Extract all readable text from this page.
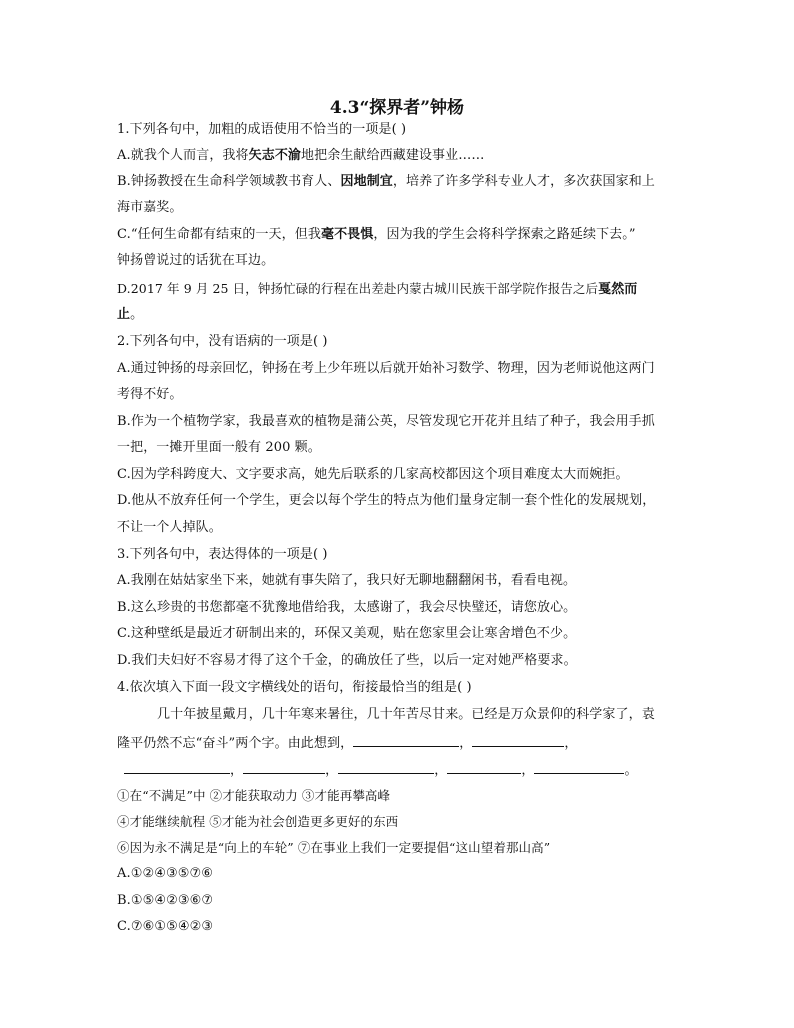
4.3“探界者”钟杨
1.下列各句中，加粗的成语使用不恰当的一项是( )
A.就我个人而言，我将矢志不渝地把余生献给西藏建设事业……
B.钟扬教授在生命科学领域教书育人、因地制宜，培养了许多学科专业人才，多次获国家和上
海市嘉奖。
C.“任何生命都有结束的一天，但我毫不畏惧，因为我的学生会将科学探索之路延续下去。”
钟扬曾说过的话犹在耳边。
D.2017 年 9 月 25 日，钟扬忙碌的行程在出差赴内蒙古城川民族干部学院作报告之后戛然而
止。
2.下列各句中，没有语病的一项是( )
A.通过钟扬的母亲回忆，钟扬在考上少年班以后就开始补习数学、物理，因为老师说他这两门
考得不好。
B.作为一个植物学家，我最喜欢的植物是蒲公英，尽管发现它开花并且结了种子，我会用手抓
一把，一摊开里面一般有 200 颗。
C.因为学科跨度大、文字要求高，她先后联系的几家高校都因这个项目难度太大而婉拒。
D.他从不放弃任何一个学生，更会以每个学生的特点为他们量身定制一套个性化的发展规划，
不让一个人掉队。
3.下列各句中，表达得体的一项是( )
A.我刚在姑姑家坐下来，她就有事失陪了，我只好无聊地翻翻闲书，看看电视。
B.这么珍贵的书您都毫不犹豫地借给我，太感谢了，我会尽快璧还，请您放心。
C.这种壁纸是最近才研制出来的，环保又美观，贴在您家里会让寒舍增色不少。
D.我们夫妇好不容易才得了这个千金，的确放任了些，以后一定对她严格要求。
4.依次填入下面一段文字横线处的语句，衔接最恰当的组是( )
几十年披星戴月，几十年寒来暑往，几十年苦尽甘来。已经是万众景仰的科学家了，袁
隆平仍然不忘“奋斗”两个字。由此想到，	，	，
，	，	，	，	。
①在“不满足”中 ②才能获取动力 ③才能再攀高峰
④才能继续航程 ⑤才能为社会创造更多更好的东西
⑥因为永不满足是“向上的车轮” ⑦在事业上我们一定要提倡“这山望着那山高”
A.①②④③⑤⑦⑥
B.①⑤④②③⑥⑦
C.⑦⑥①⑤④②③
